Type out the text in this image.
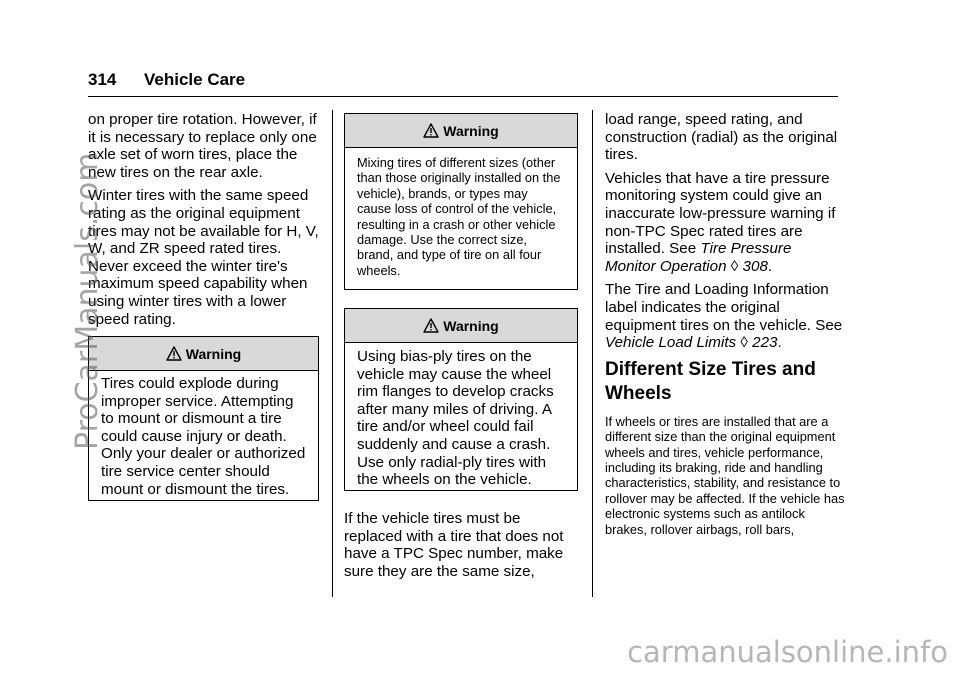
314 Vehicle Care

on proper tire rotation. However, if it is necessary to replace only one axle set of worn tires, place the new tires on the rear axle.

Winter tires with the same speed rating as the original equipment tires may not be available for H, V, W, and ZR speed rated tires. Never exceed the winter tire's maximum speed capability when using winter tires with a lower speed rating.

Warning

Tires could explode during improper service. Attempting to mount or dismount a tire could cause injury or death. Only your dealer or authorized tire service center should mount or dismount the tires.

Warning

Mixing tires of different sizes (other than those originally installed on the vehicle), brands, or types may cause loss of control of the vehicle, resulting in a crash or other vehicle damage. Use the correct size, brand, and type of tire on all four wheels.

Warning

Using bias-ply tires on the vehicle may cause the wheel rim flanges to develop cracks after many miles of driving. A tire and/or wheel could fail suddenly and cause a crash. Use only radial-ply tires with the wheels on the vehicle.

If the vehicle tires must be replaced with a tire that does not have a TPC Spec number, make sure they are the same size,

load range, speed rating, and construction (radial) as the original tires.

Vehicles that have a tire pressure monitoring system could give an inaccurate low-pressure warning if non-TPC Spec rated tires are installed. See Tire Pressure Monitor Operation ◊ 308.

The Tire and Loading Information label indicates the original equipment tires on the vehicle. See Vehicle Load Limits ◊ 223.

Different Size Tires and Wheels

If wheels or tires are installed that are a different size than the original equipment wheels and tires, vehicle performance, including its braking, ride and handling characteristics, stability, and resistance to rollover may be affected. If the vehicle has electronic systems such as antilock brakes, rollover airbags, roll bars,

ProCarManuals.com
carmanualsonline.info
